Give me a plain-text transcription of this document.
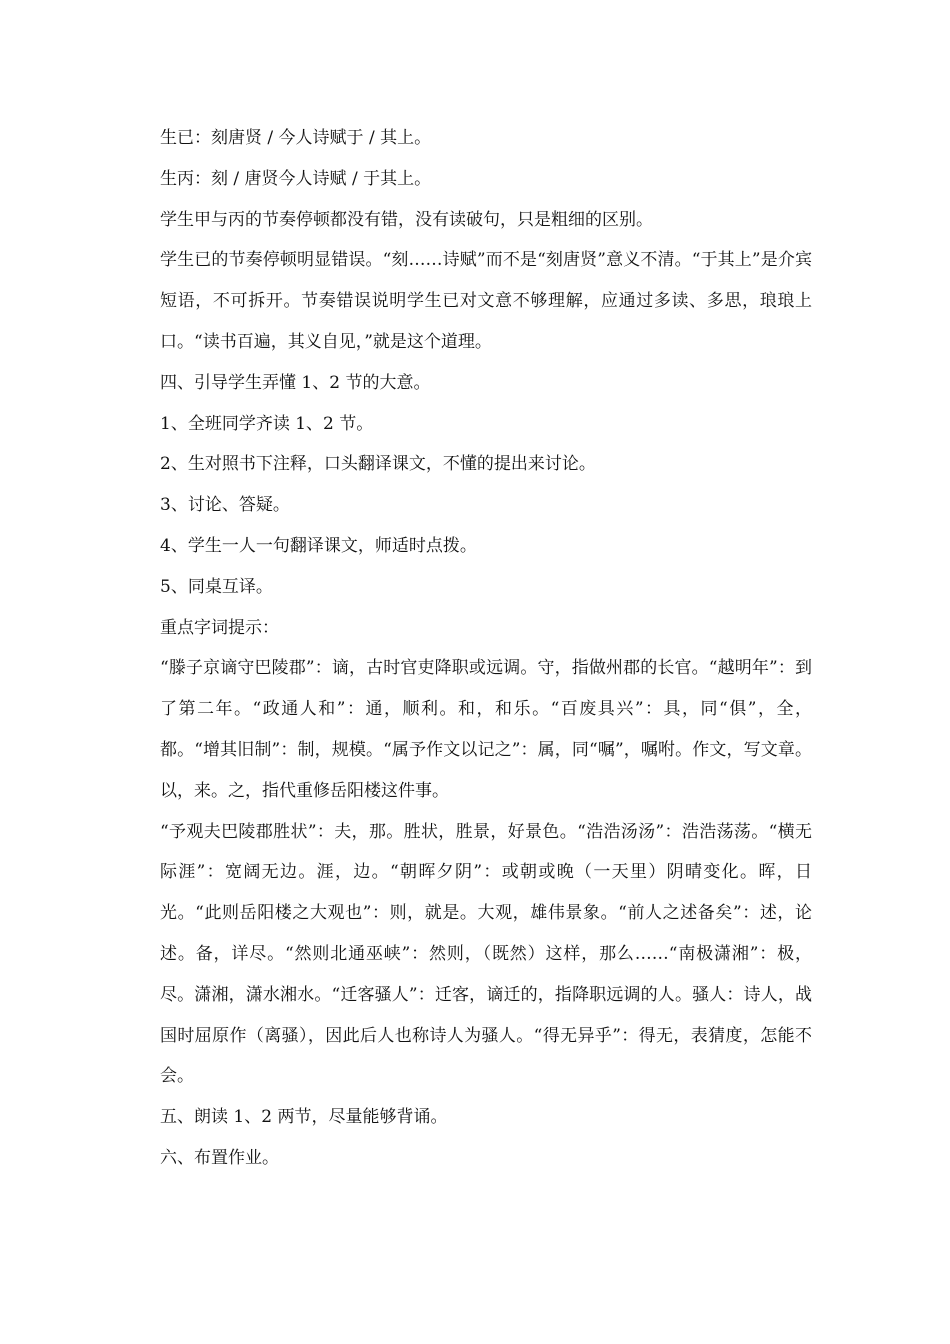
生已：刻唐贤 / 今人诗赋于 / 其上。

生丙：刻 / 唐贤今人诗赋 / 于其上。

学生甲与丙的节奏停顿都没有错，没有读破句，只是粗细的区别。

学生已的节奏停顿明显错误。“刻……诗赋”而不是“刻唐贤”意义不清。“于其上”是介宾短语，不可拆开。节奏错误说明学生已对文意不够理解，应通过多读、多思，琅琅上口。“读书百遍，其义自见，”就是这个道理。

四、引导学生弄懂 1、2 节的大意。

1、全班同学齐读 1、2 节。

2、生对照书下注释，口头翻译课文，不懂的提出来讨论。

3、讨论、答疑。

4、学生一人一句翻译课文，师适时点拨。

5、同桌互译。

重点字词提示：

“滕子京谪守巴陵郡”：谪，古时官吏降职或远调。守，指做州郡的长官。“越明年”：到了第二年。“政通人和”：通，顺利。和，和乐。“百废具兴”：具，同“俱”，全，都。“增其旧制”：制，规模。“属予作文以记之”：属，同“嘱”，嘱咐。作文，写文章。以，来。之，指代重修岳阳楼这件事。

“予观夫巴陵郡胜状”：夫，那。胜状，胜景，好景色。“浩浩汤汤”：浩浩荡荡。“横无际涯”：宽阔无边。涯，边。“朝晖夕阴”：或朝或晚（一天里）阴晴变化。晖，日光。“此则岳阳楼之大观也”：则，就是。大观，雄伟景象。“前人之述备矣”：述，论述。备，详尽。“然则北通巫峡”：然则，（既然）这样，那么……“南极潇湘”：极，尽。潇湘，潇水湘水。“迁客骚人”：迁客，谪迁的，指降职远调的人。骚人：诗人，战国时屈原作（离骚），因此后人也称诗人为骚人。“得无异乎”：得无，表猜度，怎能不会。

五、朗读 1、2 两节，尽量能够背诵。

六、布置作业。
